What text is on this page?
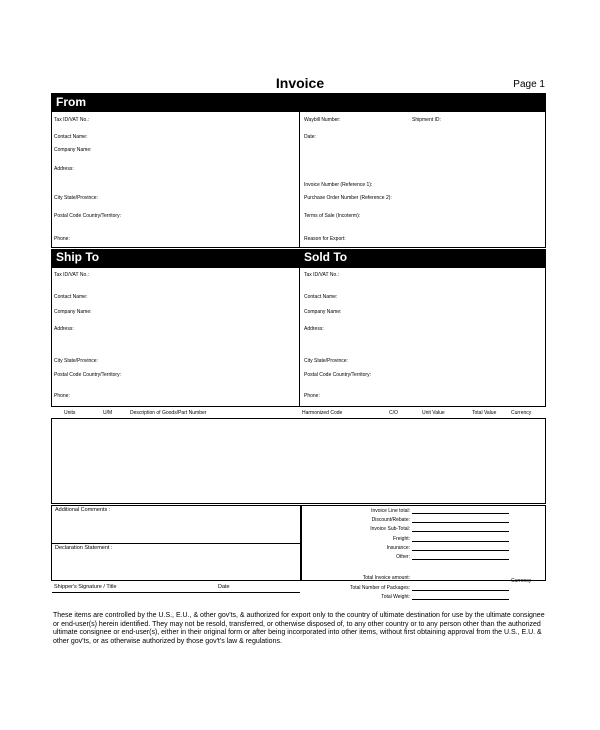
Invoice	Page 1
From
Tax ID/VAT No.:
Contact Name:
Company Name:
Address:
City State/Province:
Postal Code Country/Territory:
Phone:
Waybill Number:	Shipment ID:
Date:
Invoice Number (Reference 1):
Purchase Order Number (Reference 2):
Terms of Sale (Incoterm):
Reason for Export:
Ship To	Sold To
Tax ID/VAT No.:
Contact Name:
Company Name:
Address:
City State/Province:
Postal Code Country/Territory:
Phone:
Tax ID/VAT No.:
Contact Name:
Company Name:
Address:
City State/Province:
Postal Code Country/Territory:
Phone:
Units	U/M	Description of Goods/Part Number	Harmonized Code	C/O	Unit Value	Total Value	Currency
Additional Comments :
Declaration Statement :
Invoice Line total:
Discount/Rebate:
Invoice Sub-Total:
Freight:
Insurance:
Other:
Total Invoice amount:
Total Number of Packages:
Total Weight:
Currency
Shipper's Signature / Title	Date
These items are controlled by the U.S., E.U., & other gov'ts, & authorized for export only to the country of ultimate destination for use by the ultimate consignee or end-user(s) herein identified. They may not be resold, transferred, or otherwise disposed of, to any other country or to any person other than the authorized ultimate consignee or end-user(s), either in their original form or after being incorporated into other items, without first obtaining approval from the U.S., E.U. & other gov'ts, or as otherwise authorized by those gov't's law & regulations.
